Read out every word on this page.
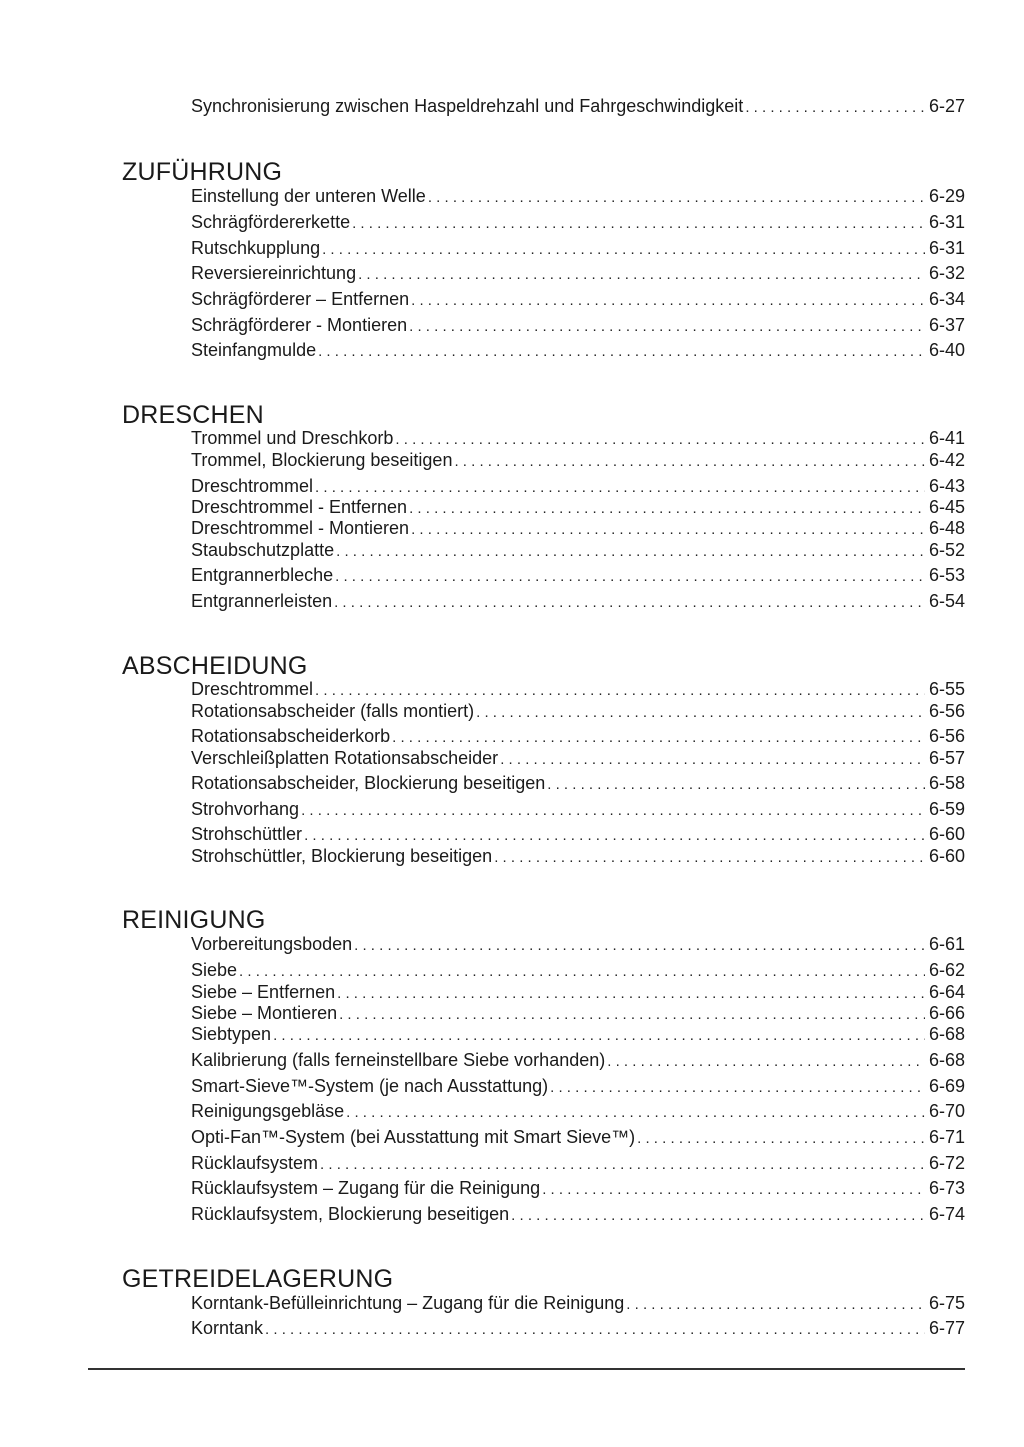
Synchronisierung zwischen Haspeldrehzahl und Fahrgeschwindigkeit . . .	6-27
ZUFÜHRUNG
Einstellung der unteren Welle . . .	6-29
Schrägfördererkette . . .	6-31
Rutschkupplung . . .	6-31
Reversiereinrichtung . . .	6-32
Schrägförderer – Entfernen . . .	6-34
Schrägförderer - Montieren . . .	6-37
Steinfangmulde . . .	6-40
DRESCHEN
Trommel und Dreschkorb . . .	6-41
Trommel, Blockierung beseitigen . . .	6-42
Dreschtrommel . . .	6-43
Dreschtrommel - Entfernen . . .	6-45
Dreschtrommel - Montieren . . .	6-48
Staubschutzplatte . . .	6-52
Entgrannerbleche . . .	6-53
Entgrannerleisten . . .	6-54
ABSCHEIDUNG
Dreschtrommel . . .	6-55
Rotationsabscheider (falls montiert) . . .	6-56
Rotationsabscheiderkorb . . .	6-56
Verschleißplatten Rotationsabscheider . . .	6-57
Rotationsabscheider, Blockierung beseitigen . . .	6-58
Strohvorhang . . .	6-59
Strohschüttler . . .	6-60
Strohschüttler, Blockierung beseitigen . . .	6-60
REINIGUNG
Vorbereitungsboden . . .	6-61
Siebe . . .	6-62
Siebe – Entfernen . . .	6-64
Siebe – Montieren . . .	6-66
Siebtypen . . .	6-68
Kalibrierung (falls ferneinstellbare Siebe vorhanden) . . .	6-68
Smart-Sieve™-System (je nach Ausstattung) . . .	6-69
Reinigungsgebläse . . .	6-70
Opti-Fan™-System (bei Ausstattung mit Smart Sieve™) . . .	6-71
Rücklaufsystem . . .	6-72
Rücklaufsystem – Zugang für die Reinigung . . .	6-73
Rücklaufsystem, Blockierung beseitigen . . .	6-74
GETREIDELAGERUNG
Korntank-Befülleinrichtung – Zugang für die Reinigung . . .	6-75
Korntank . . .	6-77
